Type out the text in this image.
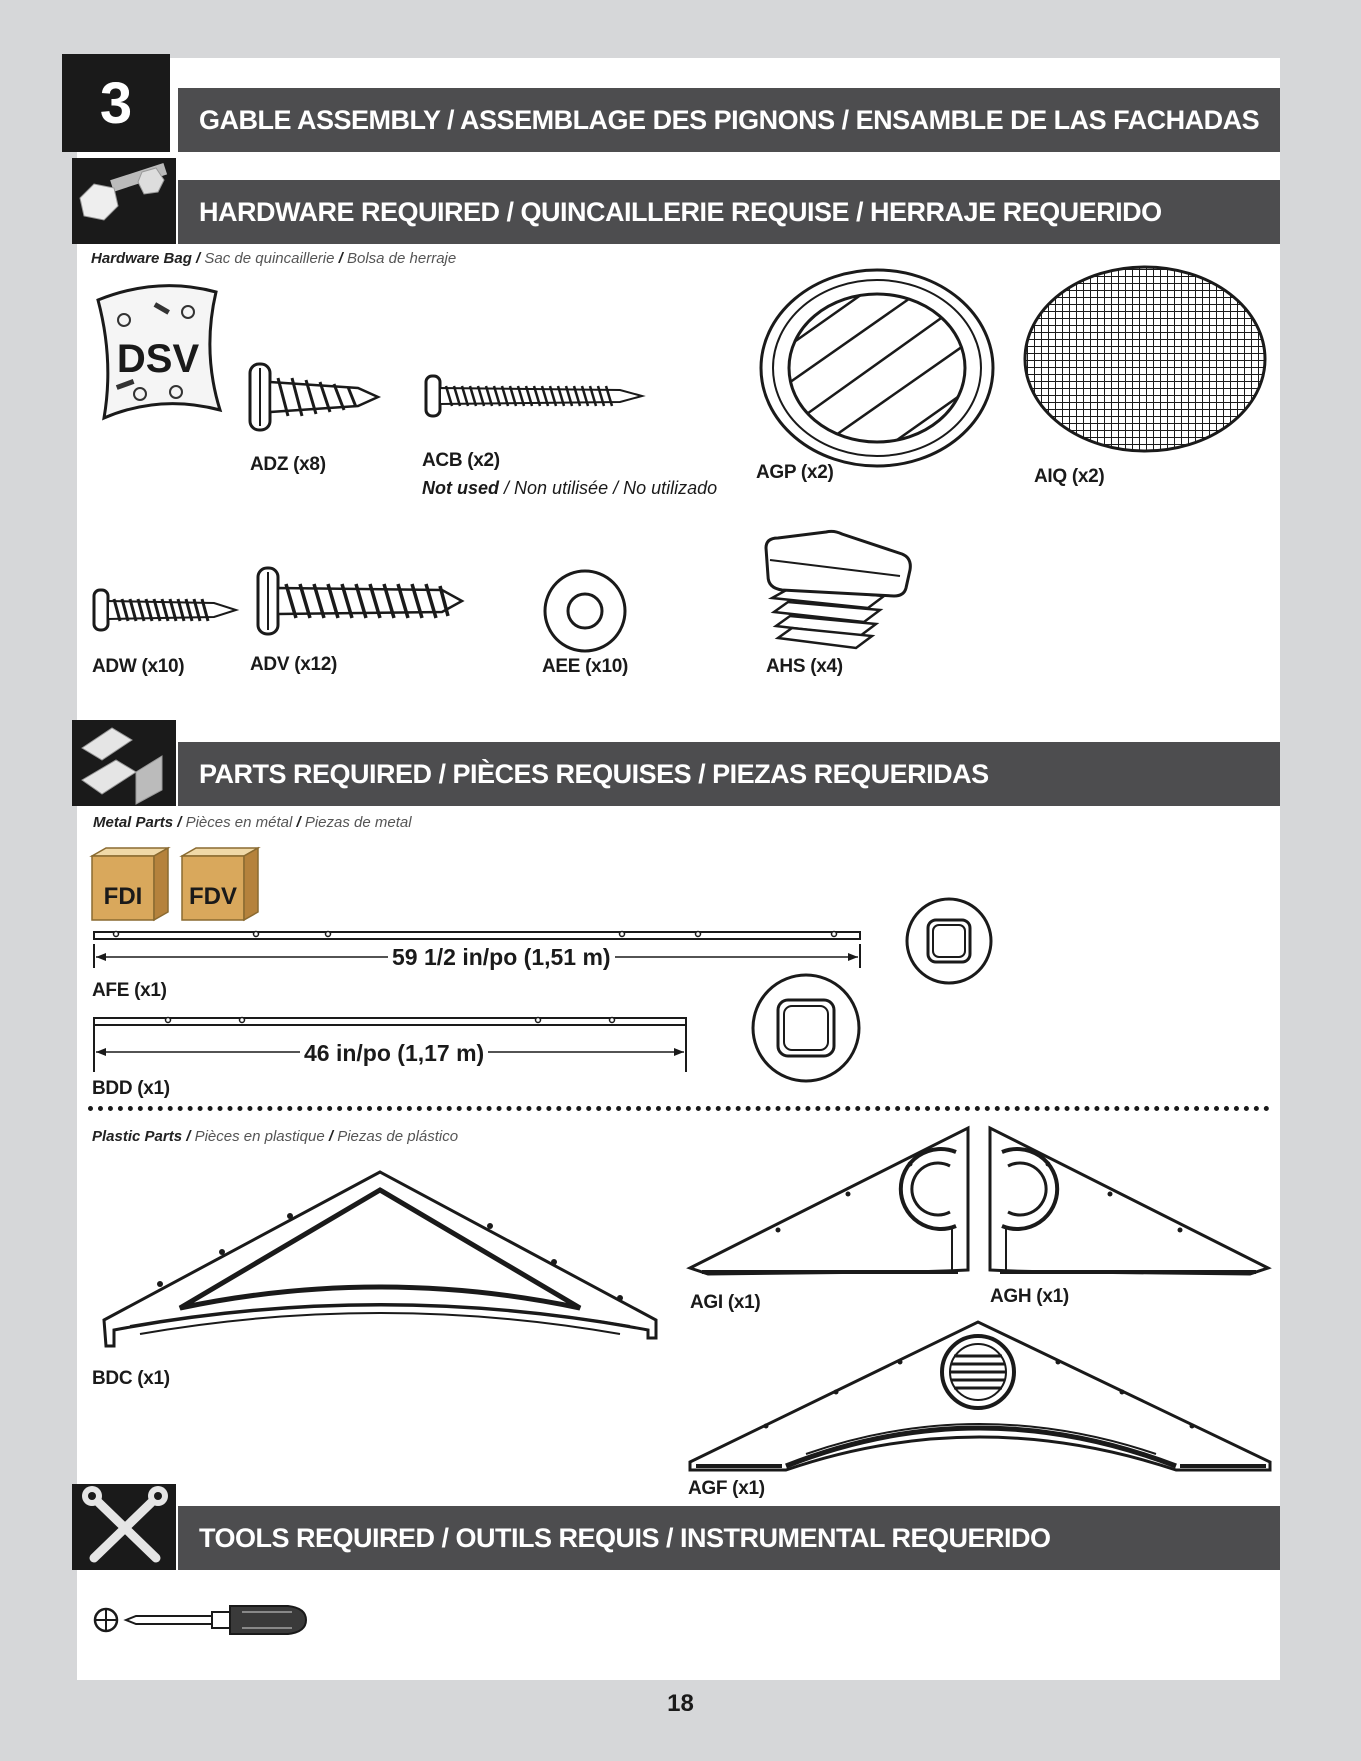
3	GABLE ASSEMBLY / ASSEMBLAGE DES PIGNONS / ENSAMBLE DE LAS FACHADAS
HARDWARE REQUIRED / QUINCAILLERIE REQUISE / HERRAJE REQUERIDO
Hardware Bag / Sac de quincaillerie / Bolsa de herraje
DSV
ADZ (x8)	ACB (x2)
Not used / Non utilisée / No utilizado
AGP (x2)	AIQ (x2)
ADW (x10)	ADV (x12)	AEE (x10)	AHS (x4)
PARTS REQUIRED / PIÈCES REQUISES / PIEZAS REQUERIDAS
Metal Parts / Pièces en métal / Piezas de metal
FDI FDV
59 1/2 in/po (1,51 m)
AFE (x1)
46 in/po (1,17 m)
BDD (x1)
Plastic Parts / Pièces en plastique / Piezas de plástico
BDC (x1)
AGI (x1)	AGH (x1)
AGF (x1)
TOOLS REQUIRED / OUTILS REQUIS / INSTRUMENTAL REQUERIDO
18
